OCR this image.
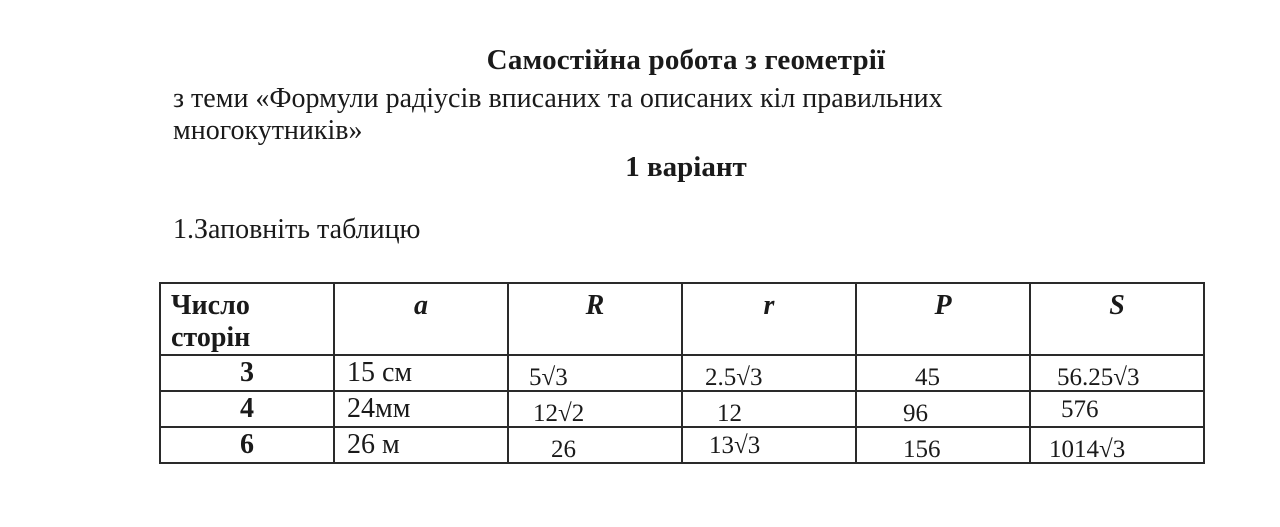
Самостійна робота з геометрії
з теми «Формули радіусів вписаних та описаних кіл правильних многокутників»
1 варіант
1.Заповніть таблицю
Число сторін	a	R	r	P	S
3	15 см	5√3	2.5√3	45	56.25√3
4	24мм	12√2	12	96	576
6	26 м	26	13√3	156	1014√3
